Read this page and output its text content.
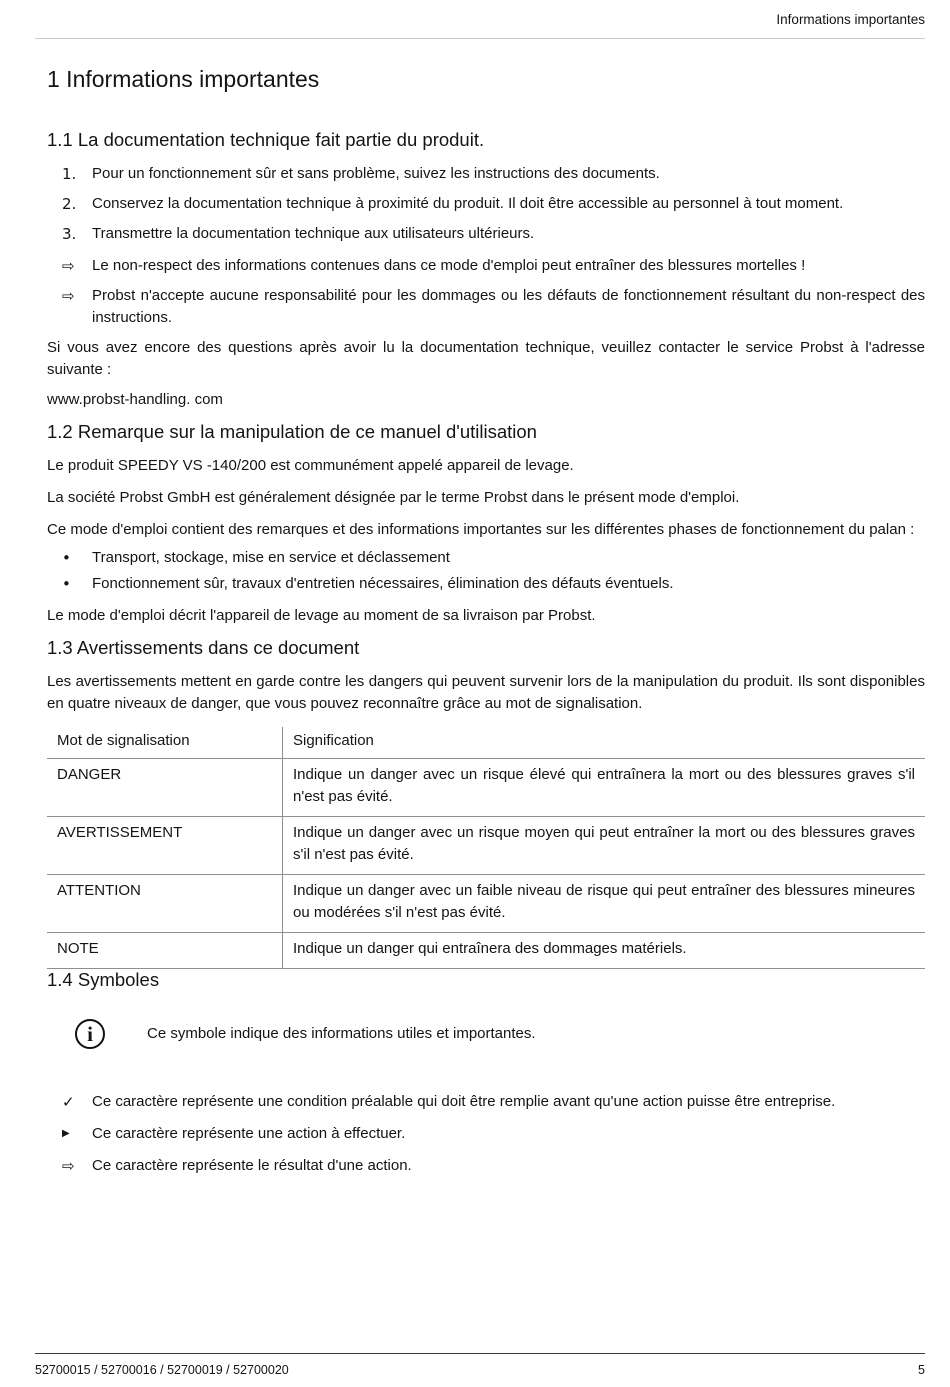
Informations importantes
1 Informations importantes
1.1 La documentation technique fait partie du produit.
1.	Pour un fonctionnement sûr et sans problème, suivez les instructions des documents.
2.	Conservez la documentation technique à proximité du produit. Il doit être accessible au personnel à tout moment.
3.	Transmettre la documentation technique aux utilisateurs ultérieurs.
⇨	Le non-respect des informations contenues dans ce mode d'emploi peut entraîner des blessures mortelles !
⇨	Probst n'accepte aucune responsabilité pour les dommages ou les défauts de fonctionnement résultant du non-respect des instructions.

Si vous avez encore des questions après avoir lu la documentation technique, veuillez contacter le service Probst à l'adresse suivante :

www.probst-handling. com

1.2 Remarque sur la manipulation de ce manuel d'utilisation

Le produit SPEEDY VS -140/200 est communément appelé appareil de levage.

La société Probst GmbH est généralement désignée par le terme Probst dans le présent mode d'emploi.

Ce mode d'emploi contient des remarques et des informations importantes sur les différentes phases de fonctionnement du palan :

•	Transport, stockage, mise en service et déclassement
•	Fonctionnement sûr, travaux d'entretien nécessaires, élimination des défauts éventuels.

Le mode d'emploi décrit l'appareil de levage au moment de sa livraison par Probst.

1.3 Avertissements dans ce document

Les avertissements mettent en garde contre les dangers qui peuvent survenir lors de la manipulation du produit. Ils sont disponibles en quatre niveaux de danger, que vous pouvez reconnaître grâce au mot de signalisation.

Mot de signalisation	Signification
DANGER	Indique un danger avec un risque élevé qui entraînera la mort ou des blessures graves s'il n'est pas évité.
AVERTISSEMENT	Indique un danger avec un risque moyen qui peut entraîner la mort ou des blessures graves s'il n'est pas évité.
ATTENTION	Indique un danger avec un faible niveau de risque qui peut entraîner des blessures mineures ou modérées s'il n'est pas évité.
NOTE	Indique un danger qui entraînera des dommages matériels.
1.4 Symboles
i	Ce symbole indique des informations utiles et importantes.
✓	Ce caractère représente une condition préalable qui doit être remplie avant qu'une action puisse être entreprise.
▶	Ce caractère représente une action à effectuer.
⇨	Ce caractère représente le résultat d'une action.
52700015 / 52700016 / 52700019 / 52700020	5
